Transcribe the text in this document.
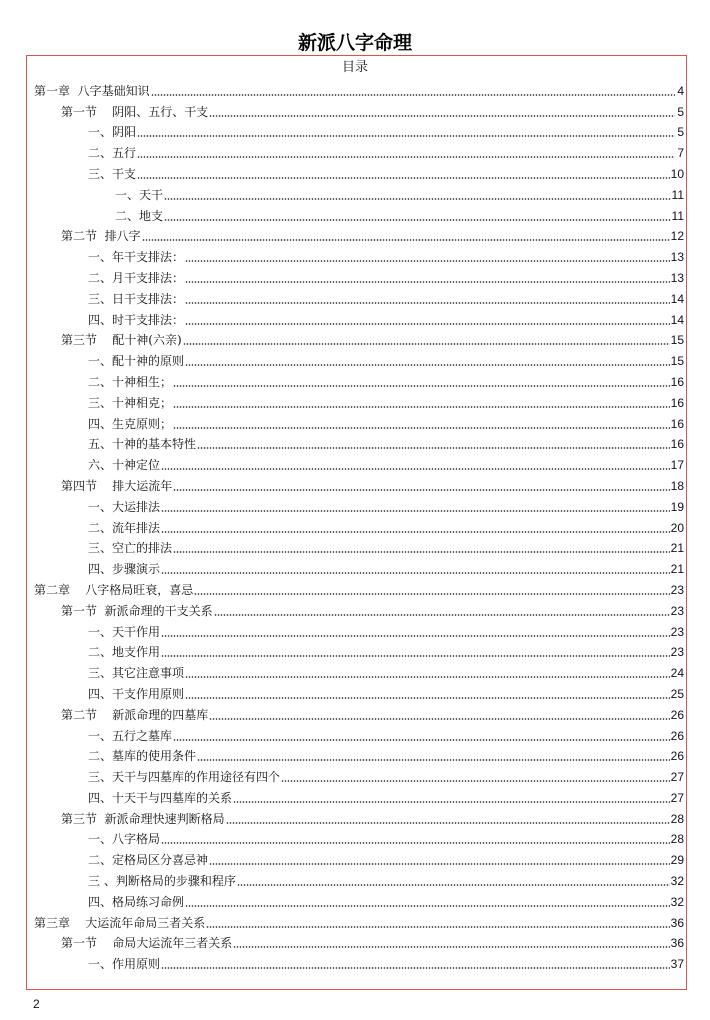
新派八字命理
目录
第一章  八字基础知识	4
第一节    阴阳、五行、干支	5
一、阴阳	5
二、五行	7
三、干支	10
一、天干	11
二、地支	11
第二节  排八字	12
一、年干支排法：	13
二、月干支排法：	13
三、日干支排法：	14
四、时干支排法：	14
第三节    配十神(六亲)	15
一、配十神的原则	15
二、十神相生；	16
三、十神相克；	16
四、生克原则；	16
五、十神的基本特性	16
六、十神定位	17
第四节    排大运流年	18
一、大运排法	19
二、流年排法	20
三、空亡的排法	21
四、步骤演示	21
第二章    八字格局旺衰，喜忌	23
第一节  新派命理的干支关系	23
一、天干作用	23
二、地支作用	23
三、其它注意事项	24
四、干支作用原则	25
第二节    新派命理的四墓库	26
一、五行之墓库	26
二、墓库的使用条件	26
三、天干与四墓库的作用途径有四个	27
四、十天干与四墓库的关系	27
第三节  新派命理快速判断格局	28
一、八字格局	28
二、定格局区分喜忌神	29
三 、判断格局的步骤和程序	32
四、格局练习命例	32
第三章    大运流年命局三者关系	36
第一节    命局大运流年三者关系	36
一、作用原则	37
2
